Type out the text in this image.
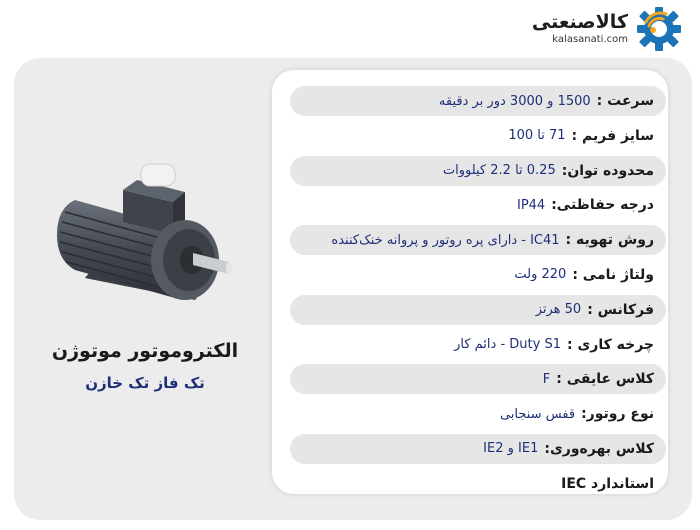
کالاصنعتی
kalasanati.com
الکتروموتور موتوژن
تک فاز تک خازن
سرعت :
1500 و 3000 دور بر دقیقه
سایز فریم :
71 تا 100
محدوده توان:
0.25 تا 2.2 کیلووات
درجه حفاظتی:
IP44
روش تهویه :
IC41 - دارای پره روتور و پروانه خنک‌کننده
ولتاژ نامی :
220 ولت
فرکانس :
50 هرتز
چرخه کاری :
Duty S1 - دائم کار
کلاس عایقی :
F
نوع روتور:
قفس سنجابی
کلاس بهره‌وری:
IE1 و IE2
استاندارد IEC
